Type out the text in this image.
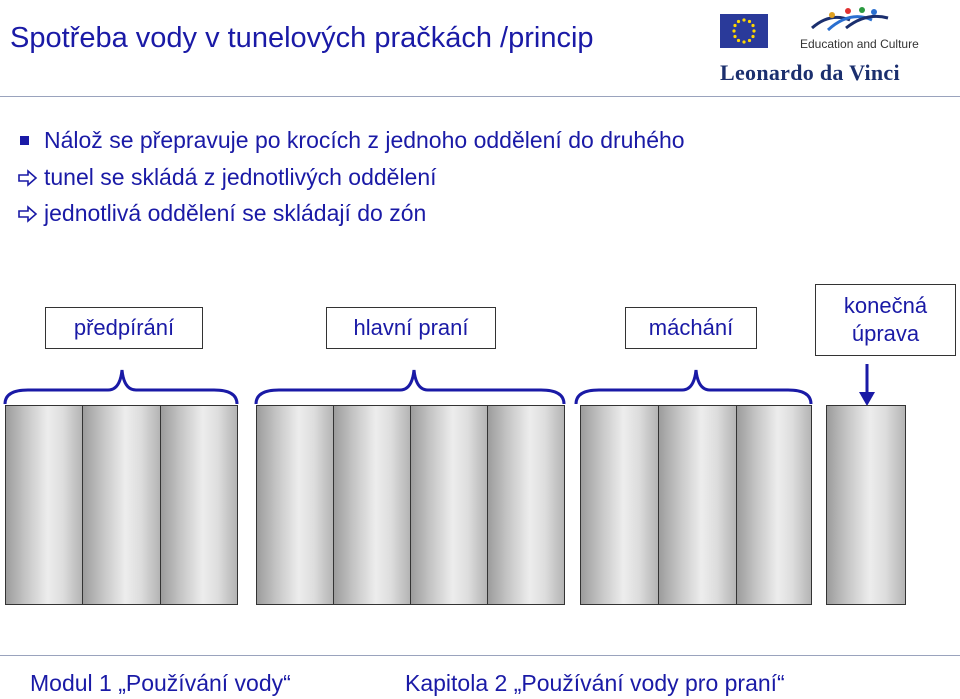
Spotřeba vody v tunelových pračkách /princip	Education and Culture
Leonardo da Vinci
Nálož se přepravuje po krocích z jednoho oddělení do druhého
tunel se skládá z jednotlivých oddělení
jednotlivá oddělení se skládají do zón
předpírání	hlavní praní	máchání
konečná úprava
Modul 1 „Používání vody“	Kapitola 2 „Používání vody pro praní“
